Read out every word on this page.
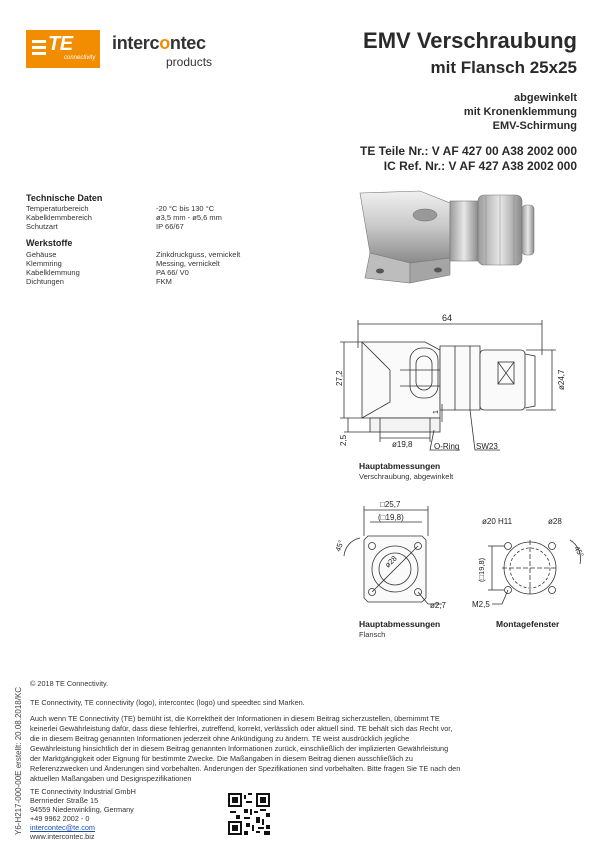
TE
connectivity
intercontec
products
EMV Verschraubung
mit Flansch 25x25
abgewinkelt
mit Kronenklemmung
EMV-Schirmung
TE Teile Nr.: V AF 427 00 A38 2002 000
IC Ref. Nr.: V AF 427 A38 2002 000
Technische Daten
Temperaturbereich	-20 °C bis 130 °C
Kabelklemmbereich	ø3,5 mm - ø5,6 mm
Schutzart	IP 66/67
Werkstoffe
Gehäuse	Zinkdruckguss, vernickelt
Klemmring	Messing, vernickelt
Kabelklemmung	PA 66/ V0
Dichtungen	FKM
64
27,2
2,5
ø24,7
1
ø19,8	O-Ring SW23
Hauptabmessungen
Verschraubung, abgewinkelt
□25,7
(□19,8)
45°
ø28
ø2,7
Hauptabmessungen
Flansch
ø20 H11	ø28
45°
(□19,8)
M2,5
Montagefenster
Y6-H217-000-00E erstellt: 20.08.2018/KC
© 2018 TE Connectivity.
TE Connectivity, TE connectivity (logo), intercontec (logo) und speedtec sind Marken.
Auch wenn TE Connectivity (TE) bemüht ist, die Korrektheit der Informationen in diesem Beitrag sicherzustellen, übernimmt TE
keinerlei Gewährleistung dafür, dass diese fehlerfrei, zutreffend, korrekt, verlässlich oder aktuell sind. TE behält sich das Recht vor,
die in diesem Beitrag genannten Informationen jederzeit ohne Ankündigung zu ändern. TE weist ausdrücklich jegliche
Gewährleistung hinsichtlich der in diesem Beitrag genannten Informationen zurück, einschließlich der implizierten Gewährleistung
der Marktgängigkeit oder Eignung für bestimmte Zwecke. Die Maßangaben in diesem Beitrag dienen ausschließlich zu
Referenzzwecken und Änderungen sind vorbehalten. Änderungen der Spezifikationen sind vorbehalten. Bitte fragen Sie TE nach den
aktuellen Maßangaben und Designspezifikationen
TE Connectivity Industrial GmbH
Bernrieder Straße 15
94559 Niederwinkling, Germany
+49 9962 2002 - 0
intercontec@te.com
www.intercontec.biz
